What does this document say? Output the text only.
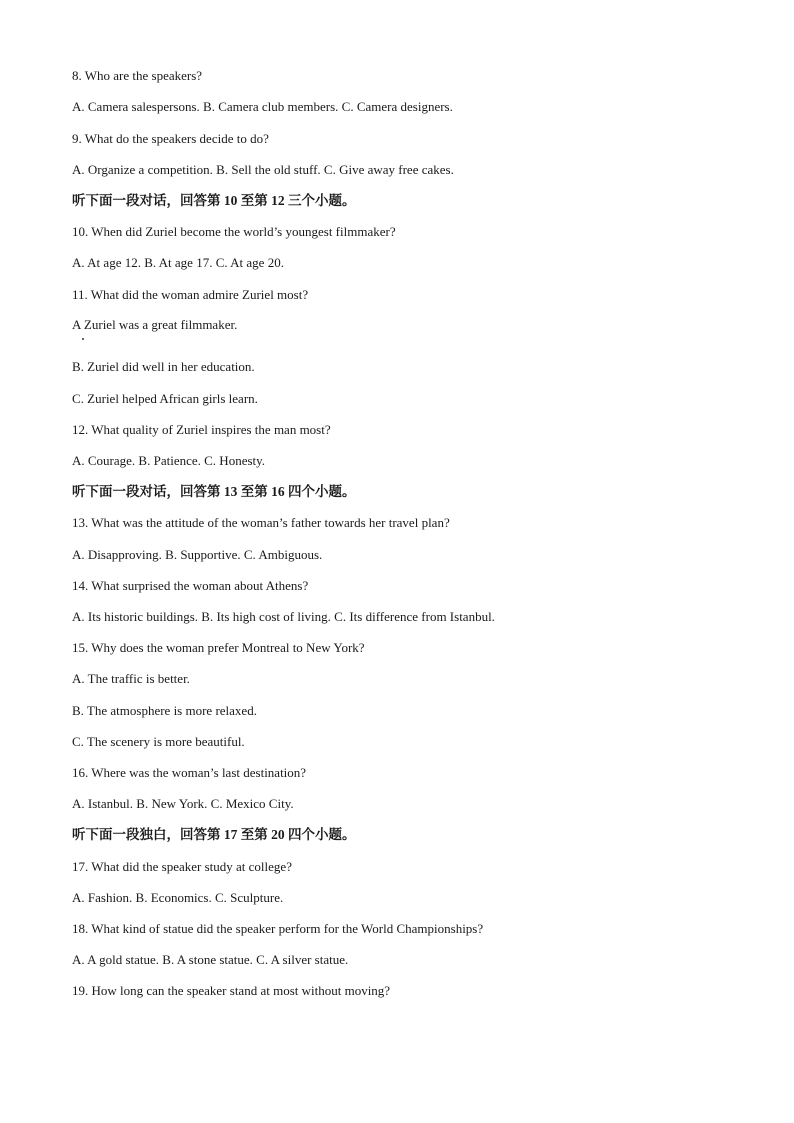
8. Who are the speakers?
A. Camera salespersons. B. Camera club members. C. Camera designers.
9. What do the speakers decide to do?
A. Organize a competition. B. Sell the old stuff. C. Give away free cakes.
听下面一段对话，回答第 10 至第 12 三个小题。
10. When did Zuriel become the world’s youngest filmmaker?
A. At age 12. B. At age 17. C. At age 20.
11. What did the woman admire Zuriel most?
A Zuriel was a great filmmaker.
B. Zuriel did well in her education.
C. Zuriel helped African girls learn.
12. What quality of Zuriel inspires the man most?
A. Courage. B. Patience. C. Honesty.
听下面一段对话，回答第 13 至第 16 四个小题。
13. What was the attitude of the woman’s father towards her travel plan?
A. Disapproving. B. Supportive. C. Ambiguous.
14. What surprised the woman about Athens?
A. Its historic buildings. B. Its high cost of living. C. Its difference from Istanbul.
15. Why does the woman prefer Montreal to New York?
A. The traffic is better.
B. The atmosphere is more relaxed.
C. The scenery is more beautiful.
16. Where was the woman’s last destination?
A. Istanbul. B. New York. C. Mexico City.
听下面一段独白，回答第 17 至第 20 四个小题。
17. What did the speaker study at college?
A. Fashion. B. Economics. C. Sculpture.
18. What kind of statue did the speaker perform for the World Championships?
A. A gold statue. B. A stone statue. C. A silver statue.
19. How long can the speaker stand at most without moving?
